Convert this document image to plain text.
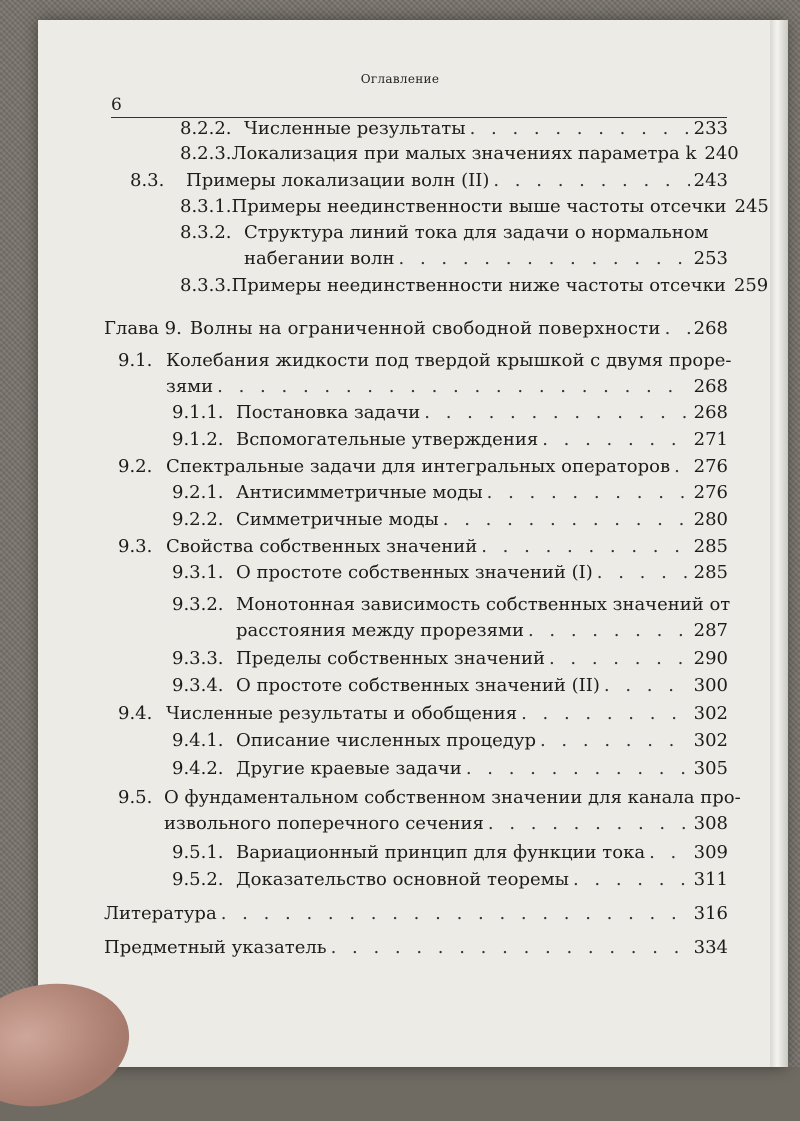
Оглавление
6
8.2.2. Численные результаты . . .	233
8.2.3. Локализация при малых значениях параметра k 240
8.3.	Примеры локализации волн (II) . . .	243
8.3.1. Примеры неединственности выше частоты отсечки 245
8.3.2. Структура линий тока для задачи о нормальном
набегании волн . . .	253
8.3.3. Примеры неединственности ниже частоты отсечки 259
Глава 9. Волны на ограниченной свободной поверхности . . . 268
9.1. Колебания жидкости под твердой крышкой с двумя проре-
зями . . .	268
9.1.1. Постановка задачи . . .	268
9.1.2. Вспомогательные утверждения . . .	271
9.2. Спектральные задачи для интегральных операторов . . . 276
9.2.1. Антисимметричные моды . . .	276
9.2.2. Симметричные моды . . .	280
9.3. Свойства собственных значений . . .	285
9.3.1. О простоте собственных значений (I) . . .	285
9.3.2. Монотонная зависимость собственных значений от
расстояния между прорезями . . .	287
9.3.3. Пределы собственных значений . . .	290
9.3.4. О простоте собственных значений (II) . . .	300
9.4. Численные результаты и обобщения . . .	302
9.4.1. Описание численных процедур . . .	302
9.4.2. Другие краевые задачи . . .	305
9.5. О фундаментальном собственном значении для канала про-
извольного поперечного сечения . . .	308
9.5.1. Вариационный принцип для функции тока . . .	309
9.5.2. Доказательство основной теоремы . . .	311
Литература . . .	316
Предметный указатель . . .	334
